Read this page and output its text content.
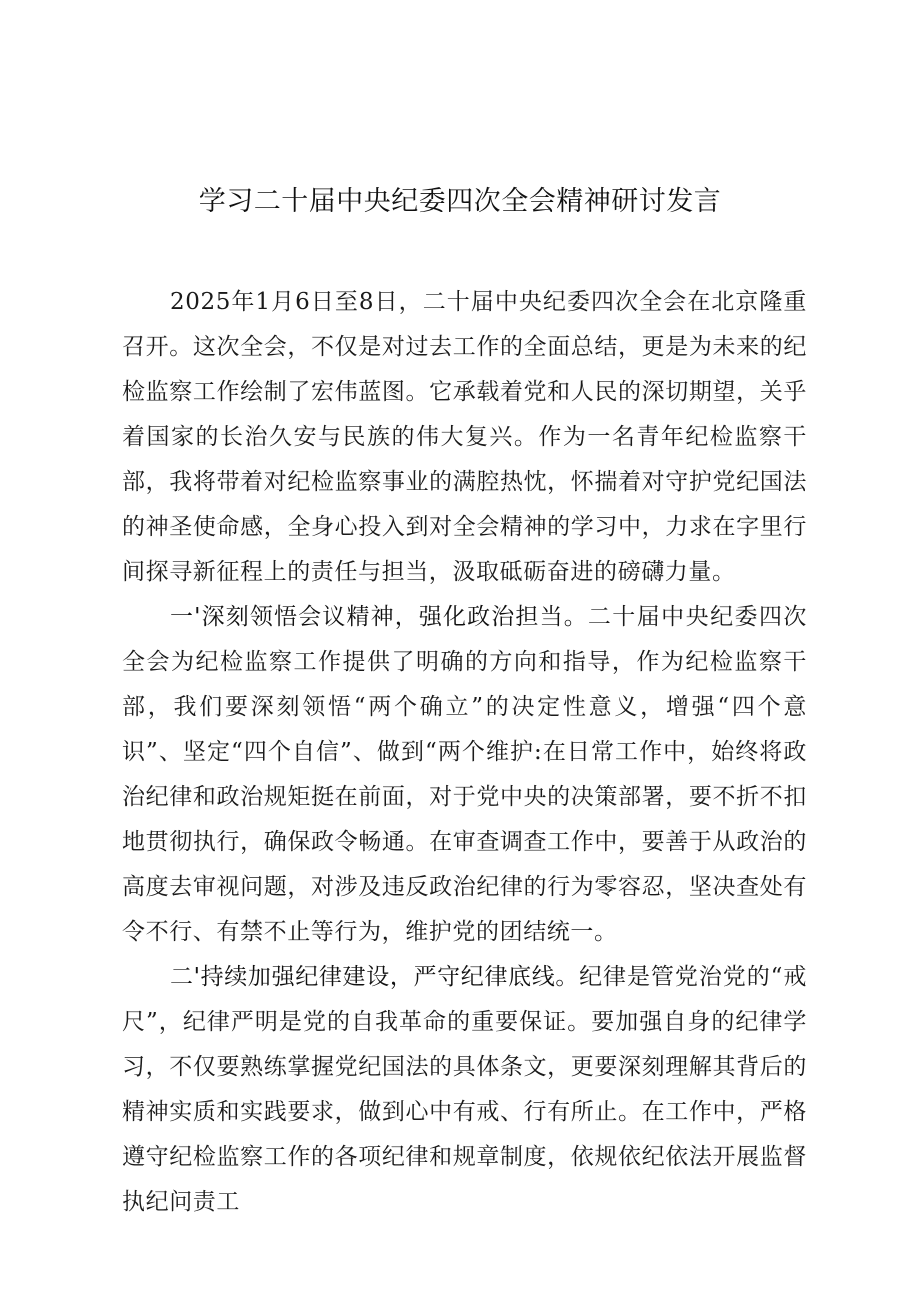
学习二十届中央纪委四次全会精神研讨发言

2025年1月6日至8日，二十届中央纪委四次全会在北京隆重召开。这次全会，不仅是对过去工作的全面总结，更是为未来的纪检监察工作绘制了宏伟蓝图。它承载着党和人民的深切期望，关乎着国家的长治久安与民族的伟大复兴。作为一名青年纪检监察干部，我将带着对纪检监察事业的满腔热忱，怀揣着对守护党纪国法的神圣使命感，全身心投入到对全会精神的学习中，力求在字里行间探寻新征程上的责任与担当，汲取砥砺奋进的磅礴力量。

一'深刻领悟会议精神，强化政治担当。二十届中央纪委四次全会为纪检监察工作提供了明确的方向和指导，作为纪检监察干部，我们要深刻领悟“两个确立”的决定性意义，增强“四个意识”、坚定“四个自信”、做到“两个维护:在日常工作中，始终将政治纪律和政治规矩挺在前面，对于党中央的决策部署，要不折不扣地贯彻执行，确保政令畅通。在审查调查工作中，要善于从政治的高度去审视问题，对涉及违反政治纪律的行为零容忍，坚决查处有令不行、有禁不止等行为，维护党的团结统一。

二'持续加强纪律建设，严守纪律底线。纪律是管党治党的“戒尺”，纪律严明是党的自我革命的重要保证。要加强自身的纪律学习，不仅要熟练掌握党纪国法的具体条文，更要深刻理解其背后的精神实质和实践要求，做到心中有戒、行有所止。在工作中，严格遵守纪检监察工作的各项纪律和规章制度，依规依纪依法开展监督执纪问责工
